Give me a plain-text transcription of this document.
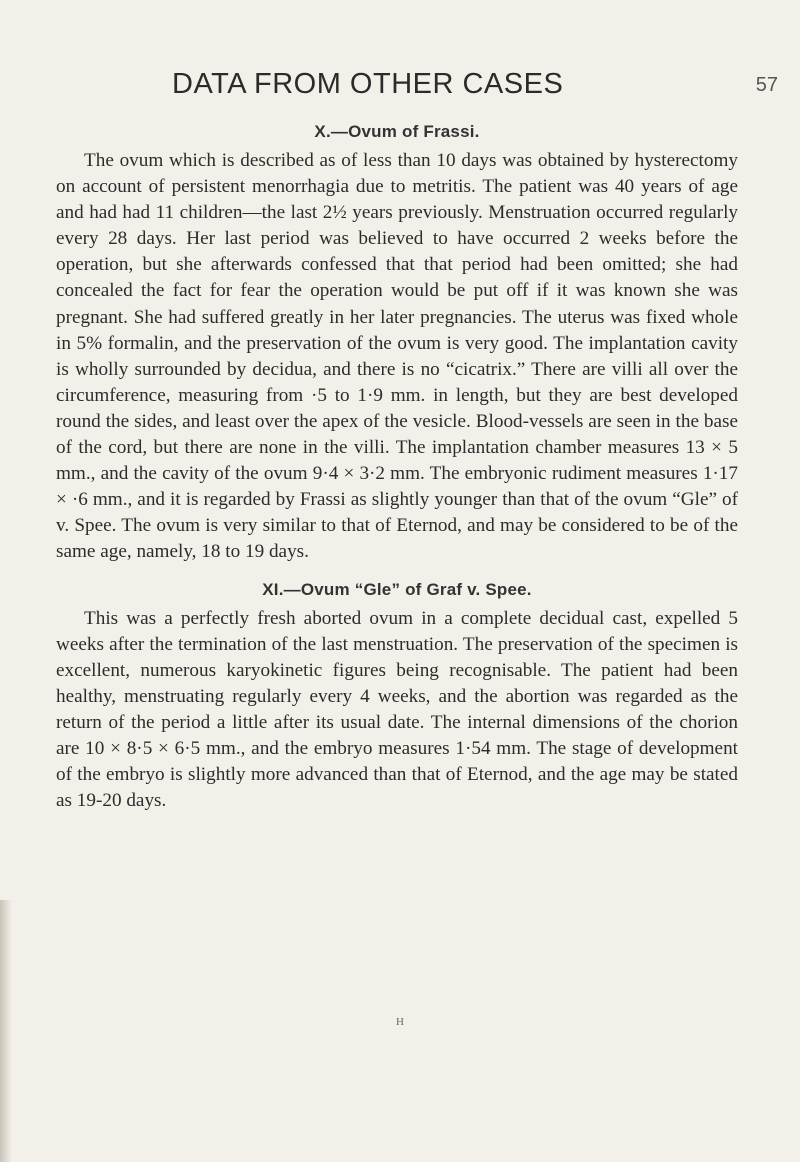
DATA FROM OTHER CASES	57
X.—Ovum of Frassi.

The ovum which is described as of less than 10 days was obtained by hysterectomy on account of persistent menorrhagia due to metritis. The patient was 40 years of age and had had 11 children—the last 2½ years previously. Menstruation occurred regularly every 28 days. Her last period was believed to have occurred 2 weeks before the operation, but she afterwards confessed that that period had been omitted; she had concealed the fact for fear the operation would be put off if it was known she was pregnant. She had suffered greatly in her later pregnancies. The uterus was fixed whole in 5% formalin, and the preservation of the ovum is very good. The implantation cavity is wholly surrounded by decidua, and there is no “cicatrix.” There are villi all over the circumference, measuring from ·5 to 1·9 mm. in length, but they are best developed round the sides, and least over the apex of the vesicle. Blood-vessels are seen in the base of the cord, but there are none in the villi. The implantation chamber measures 13 × 5 mm., and the cavity of the ovum 9·4 × 3·2 mm. The embryonic rudiment measures 1·17 × ·6 mm., and it is regarded by Frassi as slightly younger than that of the ovum “Gle” of v. Spee. The ovum is very similar to that of Eternod, and may be considered to be of the same age, namely, 18 to 19 days.

XI.—Ovum “Gle” of Graf v. Spee.

This was a perfectly fresh aborted ovum in a complete decidual cast, expelled 5 weeks after the termination of the last menstruation. The preservation of the specimen is excellent, numerous karyokinetic figures being recognisable. The patient had been healthy, menstruating regularly every 4 weeks, and the abortion was regarded as the return of the period a little after its usual date. The internal dimensions of the chorion are 10 × 8·5 × 6·5 mm., and the embryo measures 1·54 mm. The stage of development of the embryo is slightly more advanced than that of Eternod, and the age may be stated as 19-20 days.

H
